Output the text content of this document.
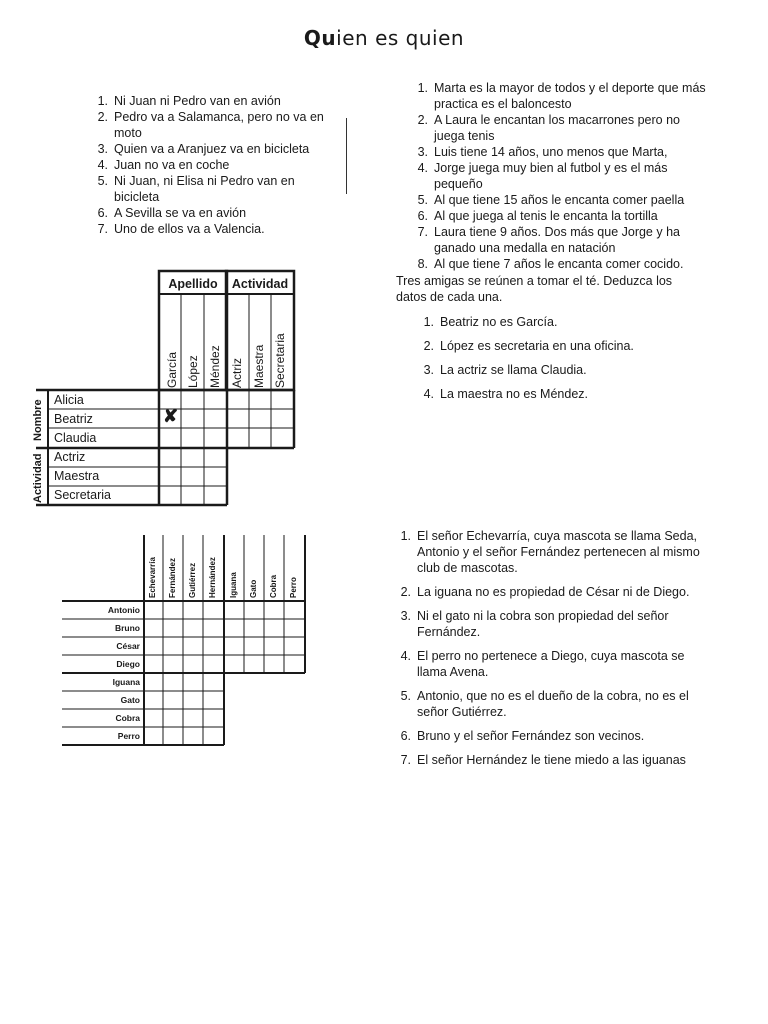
Quien es quien
1. Ni Juan ni Pedro van en avión
2. Pedro va a Salamanca, pero no va en moto
3. Quien va a Aranjuez va en bicicleta
4. Juan no va en coche
5. Ni Juan, ni Elisa ni Pedro van en bicicleta
6. A Sevilla se va en avión
7. Uno de ellos va a Valencia.
1. Marta es la mayor de todos y el deporte que más practica es el baloncesto
2. A Laura le encantan los macarrones pero no juega tenis
3. Luis tiene 14 años, uno menos que Marta,
4. Jorge juega muy bien al futbol y es el más pequeño
5. Al que tiene 15 años le encanta comer paella
6. Al que juega al tenis le encanta la tortilla
7. Laura tiene 9 años. Dos más que Jorge y ha ganado una medalla en natación
8. Al que tiene 7 años le encanta comer cocido.
Tres amigas se reúnen a tomar el té. Deduzca los datos de cada una.
1. Beatriz no es García.
2. López es secretaria en una oficina.
3. La actriz se llama Claudia.
4. La maestra no es Méndez.
Apellido	Actividad
García López Méndez Actriz Maestra Secretaria
Nombre
Actividad
Alicia
Beatriz
Claudia
Actriz
Maestra
Secretaria
✘
Echevarría Fernández Gutiérrez Hernández Iguana Gato Cobra Perro
Antonio
Bruno
César
Diego
Iguana
Gato
Cobra
Perro
1. El señor Echevarría, cuya mascota se llama Seda, Antonio y el señor Fernández pertenecen al mismo club de mascotas.
2. La iguana no es propiedad de César ni de Diego.
3. Ni el gato ni la cobra son propiedad del señor Fernández.
4. El perro no pertenece a Diego, cuya mascota se llama Avena.
5. Antonio, que no es el dueño de la cobra, no es el señor Gutiérrez.
6. Bruno y el señor Fernández son vecinos.
7. El señor Hernández le tiene miedo a las iguanas
